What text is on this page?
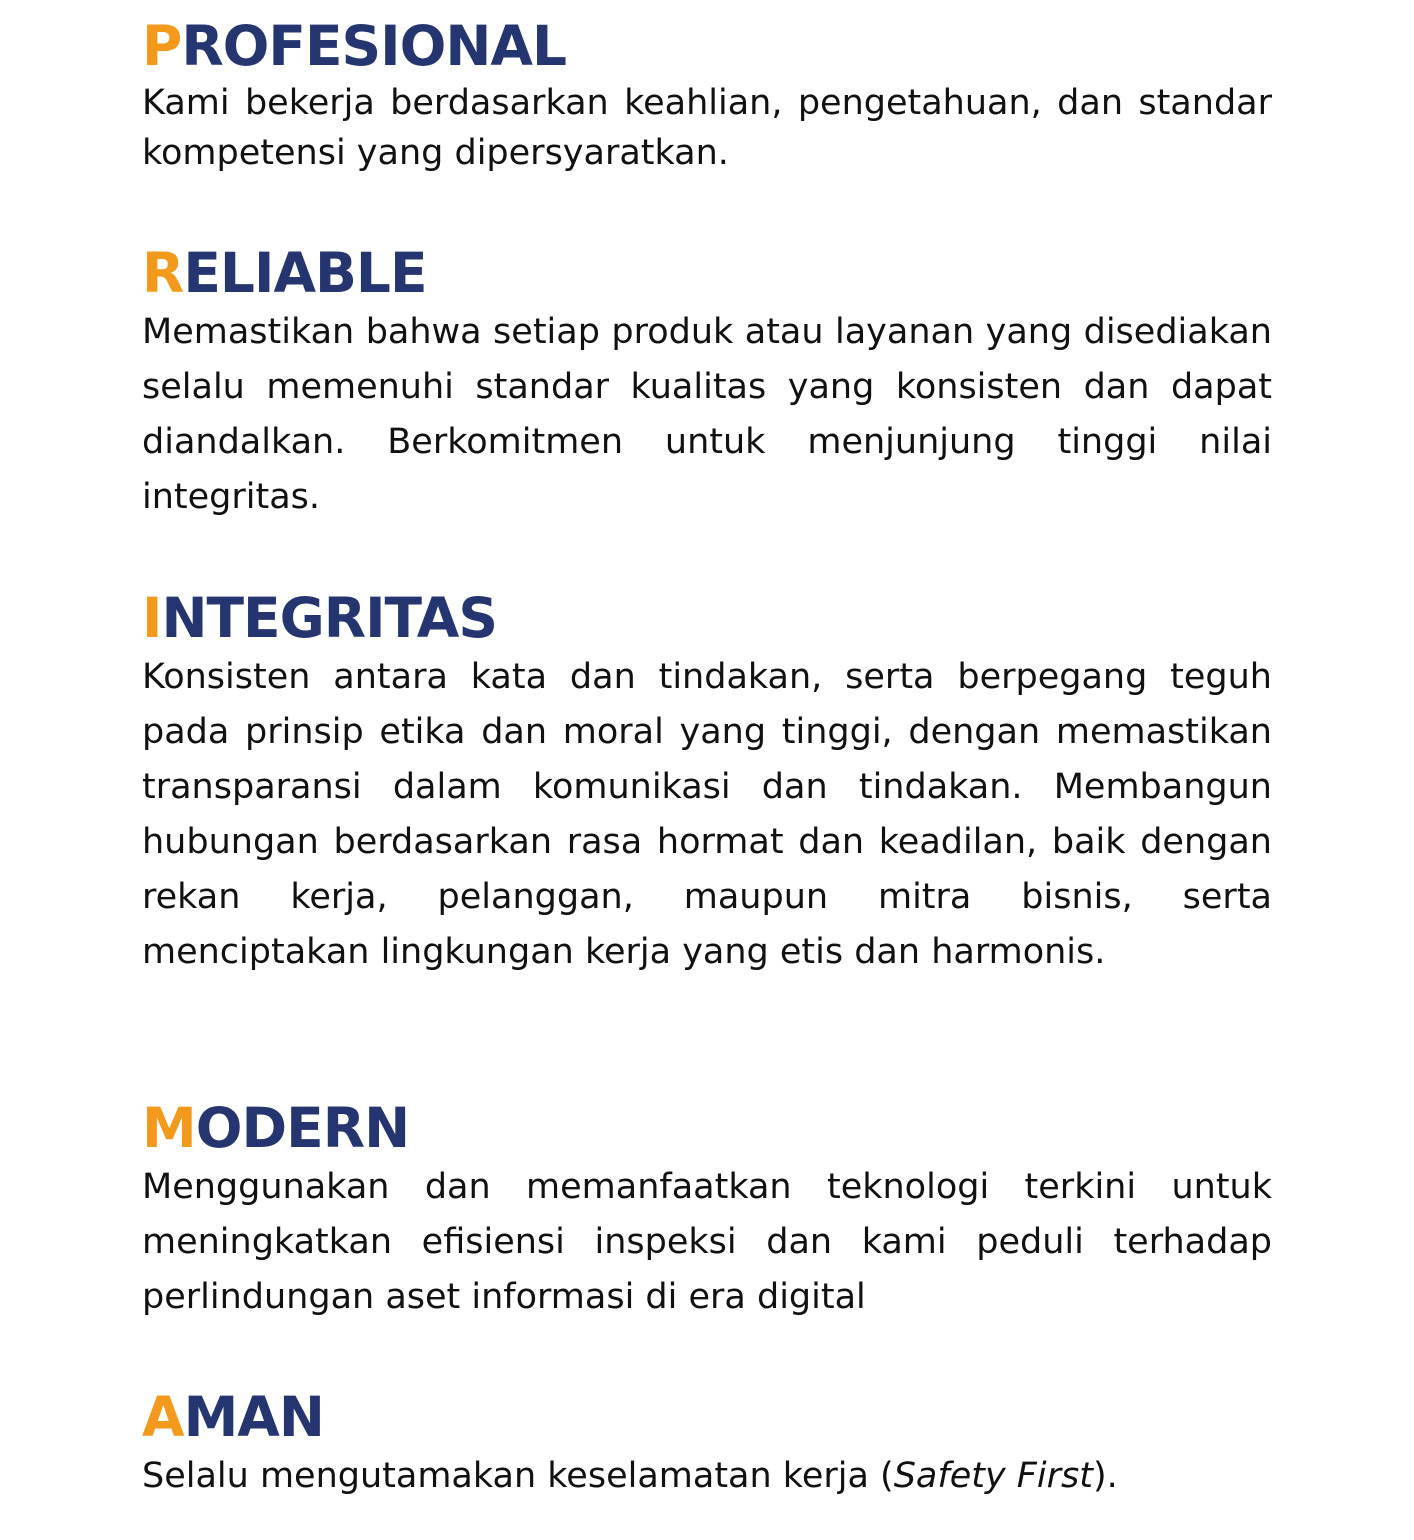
PROFESIONAL

Kami bekerja berdasarkan keahlian, pengetahuan, dan standar kompetensi yang dipersyaratkan.

RELIABLE

Memastikan bahwa setiap produk atau layanan yang disediakan selalu memenuhi standar kualitas yang konsisten dan dapat diandalkan. Berkomitmen untuk menjunjung tinggi nilai integritas.

INTEGRITAS

Konsisten antara kata dan tindakan, serta berpegang teguh pada prinsip etika dan moral yang tinggi, dengan memastikan transparansi dalam komunikasi dan tindakan. Membangun hubungan berdasarkan rasa hormat dan keadilan, baik dengan rekan kerja, pelanggan, maupun mitra bisnis, serta menciptakan lingkungan kerja yang etis dan harmonis.

MODERN

Menggunakan dan memanfaatkan teknologi terkini untuk meningkatkan efisiensi inspeksi dan kami peduli terhadap perlindungan aset informasi di era digital

AMAN

Selalu mengutamakan keselamatan kerja (Safety First).
